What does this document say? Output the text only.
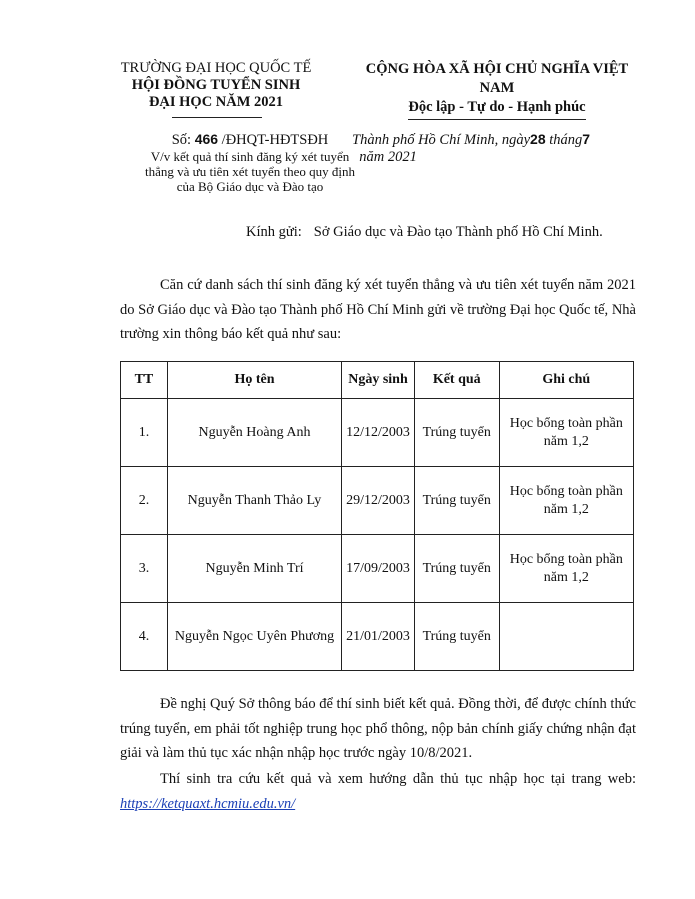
TRƯỜNG ĐẠI HỌC QUỐC TẾ
HỘI ĐỒNG TUYỂN SINH
ĐẠI HỌC NĂM 2021
CỘNG HÒA XÃ HỘI CHỦ NGHĨA VIỆT NAM
Độc lập - Tự do - Hạnh phúc
Số: 466 /ĐHQT-HĐTSĐH
V/v kết quả thí sinh đăng ký xét tuyển thẳng và ưu tiên xét tuyển theo quy định của Bộ Giáo dục và Đào tạo
Thành phố Hồ Chí Minh, ngày28 tháng7  năm 2021
Kính gửi: Sở Giáo dục và Đào tạo Thành phố Hồ Chí Minh.
Căn cứ danh sách thí sinh đăng ký xét tuyển thẳng và ưu tiên xét tuyển năm 2021 do Sở Giáo dục và Đào tạo Thành phố Hồ Chí Minh gửi về trường Đại học Quốc tế, Nhà trường xin thông báo kết quả như sau:
TT	Họ tên	Ngày sinh	Kết quả	Ghi chú
1.	Nguyễn Hoàng Anh	12/12/2003	Trúng tuyển	Học bổng toàn phần năm 1,2
2.	Nguyễn Thanh Thảo Ly	29/12/2003	Trúng tuyển	Học bổng toàn phần năm 1,2
3.	Nguyễn Minh Trí	17/09/2003	Trúng tuyển	Học bổng toàn phần năm 1,2
4.	Nguyễn Ngọc Uyên Phương	21/01/2003	Trúng tuyển	
Đề nghị Quý Sở thông báo để thí sinh biết kết quả. Đồng thời, để được chính thức trúng tuyển, em phải tốt nghiệp trung học phổ thông, nộp bản chính giấy chứng nhận đạt giải và làm thủ tục xác nhận nhập học trước ngày 10/8/2021.
Thí sinh tra cứu kết quả và xem hướng dẫn thủ tục nhập học tại trang web: https://ketquaxt.hcmiu.edu.vn/
